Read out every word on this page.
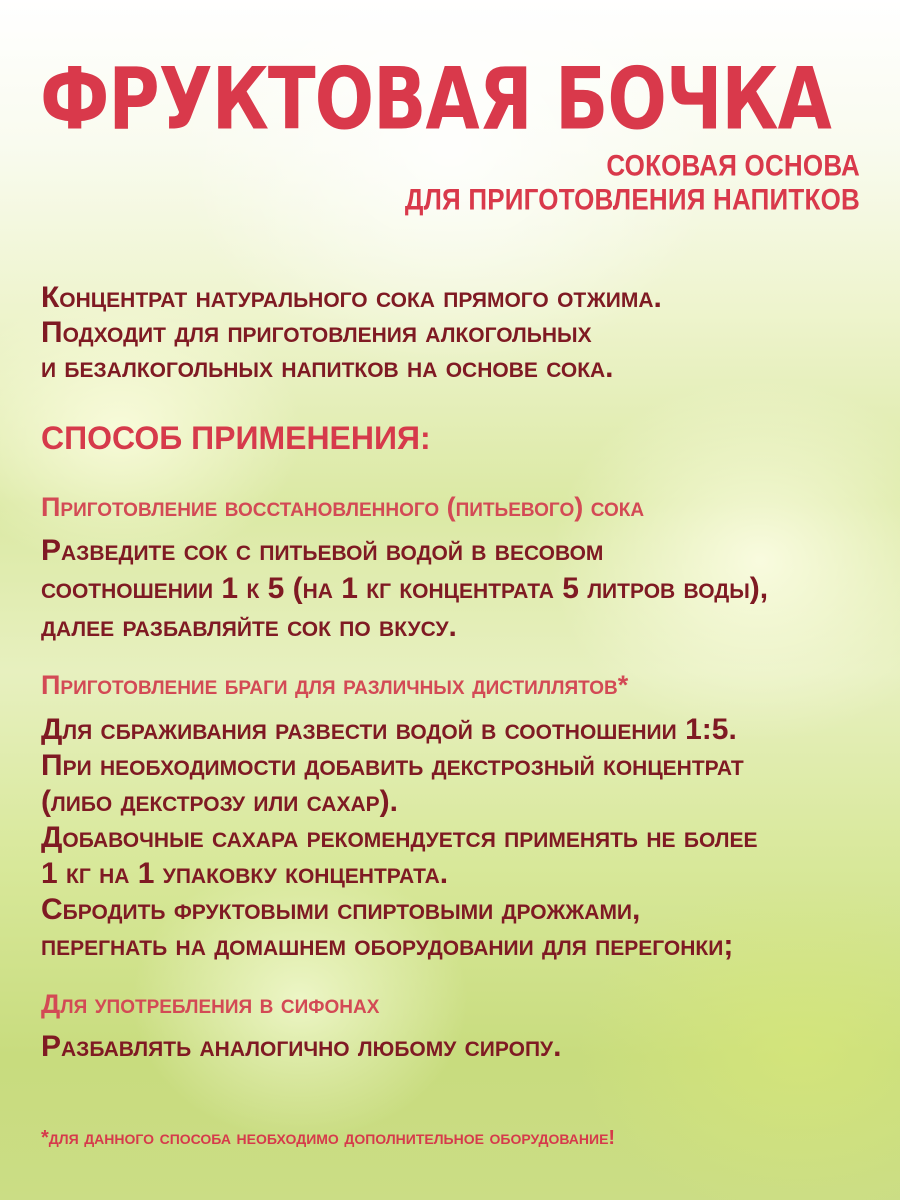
ФРУКТОВАЯ БОЧКА
СОКОВАЯ ОСНОВА
ДЛЯ ПРИГОТОВЛЕНИЯ НАПИТКОВ

Концентрат натурального сока прямого отжима.
Подходит для приготовления алкогольных
и безалкогольных напитков на основе сока.

СПОСОБ ПРИМЕНЕНИЯ:
Приготовление восстановленного (питьевого) сока

Разведите сок с питьевой водой в весовом
соотношении 1 к 5 (на 1 кг концентрата 5 литров воды),
далее разбавляйте сок по вкусу.

Приготовление браги для различных дистиллятов*

Для сбраживания развести водой в соотношении 1:5.
При необходимости добавить декстрозный концентрат
(либо декстрозу или сахар).
Добавочные сахара рекомендуется применять не более
1 кг на 1 упаковку концентрата.
Сбродить фруктовыми спиртовыми дрожжами,
перегнать на домашнем оборудовании для перегонки;

Для употребления в сифонах

Разбавлять аналогично любому сиропу.

*для данного способа необходимо дополнительное оборудование!
